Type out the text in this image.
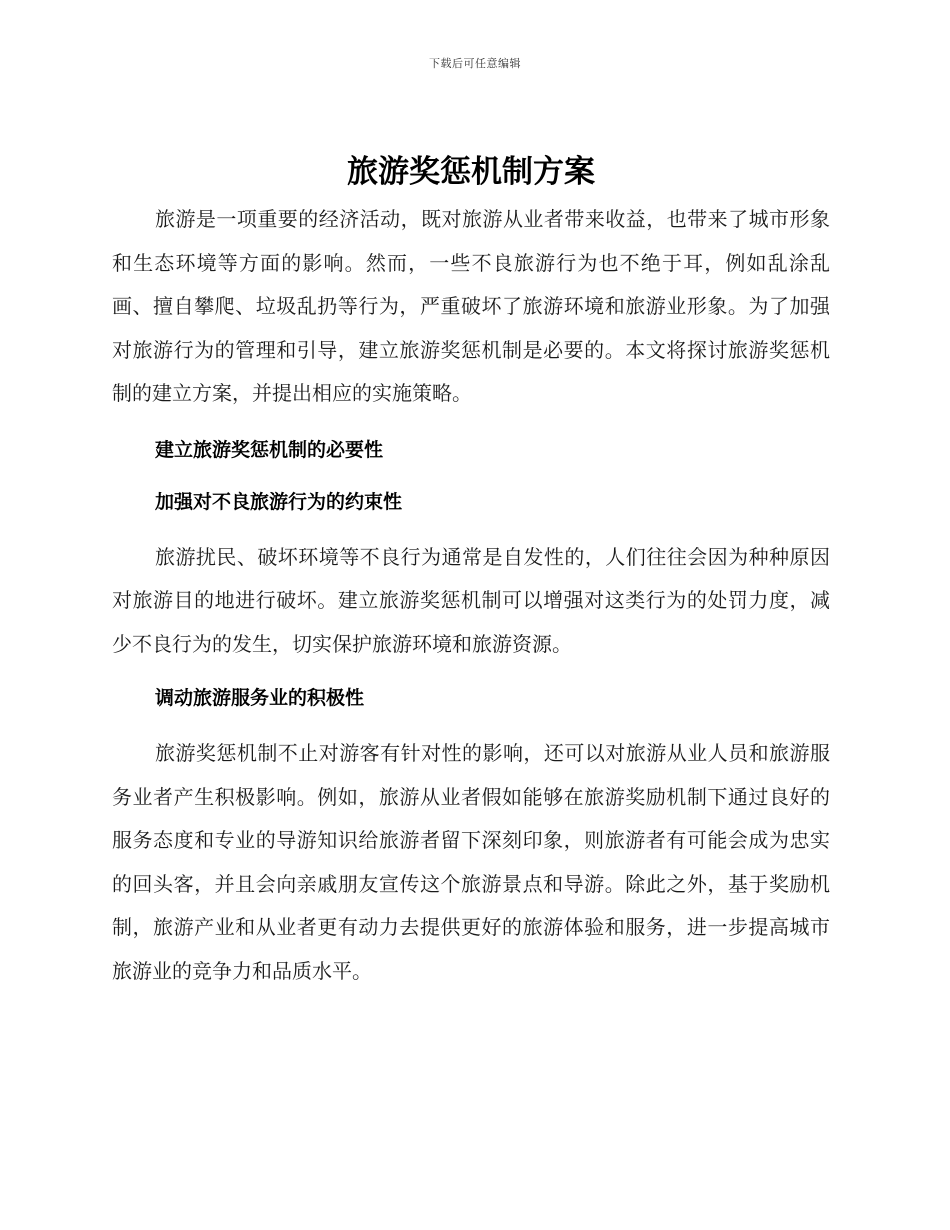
下载后可任意编辑
旅游奖惩机制方案

旅游是一项重要的经济活动，既对旅游从业者带来收益，也带来了城市形象和生态环境等方面的影响。然而，一些不良旅游行为也不绝于耳，例如乱涂乱画、擅自攀爬、垃圾乱扔等行为，严重破坏了旅游环境和旅游业形象。为了加强对旅游行为的管理和引导，建立旅游奖惩机制是必要的。本文将探讨旅游奖惩机制的建立方案，并提出相应的实施策略。

建立旅游奖惩机制的必要性
加强对不良旅游行为的约束性

旅游扰民、破坏环境等不良行为通常是自发性的，人们往往会因为种种原因对旅游目的地进行破坏。建立旅游奖惩机制可以增强对这类行为的处罚力度，减少不良行为的发生，切实保护旅游环境和旅游资源。

调动旅游服务业的积极性

旅游奖惩机制不止对游客有针对性的影响，还可以对旅游从业人员和旅游服务业者产生积极影响。例如，旅游从业者假如能够在旅游奖励机制下通过良好的服务态度和专业的导游知识给旅游者留下深刻印象，则旅游者有可能会成为忠实的回头客，并且会向亲戚朋友宣传这个旅游景点和导游。除此之外，基于奖励机制，旅游产业和从业者更有动力去提供更好的旅游体验和服务，进一步提高城市旅游业的竞争力和品质水平。
